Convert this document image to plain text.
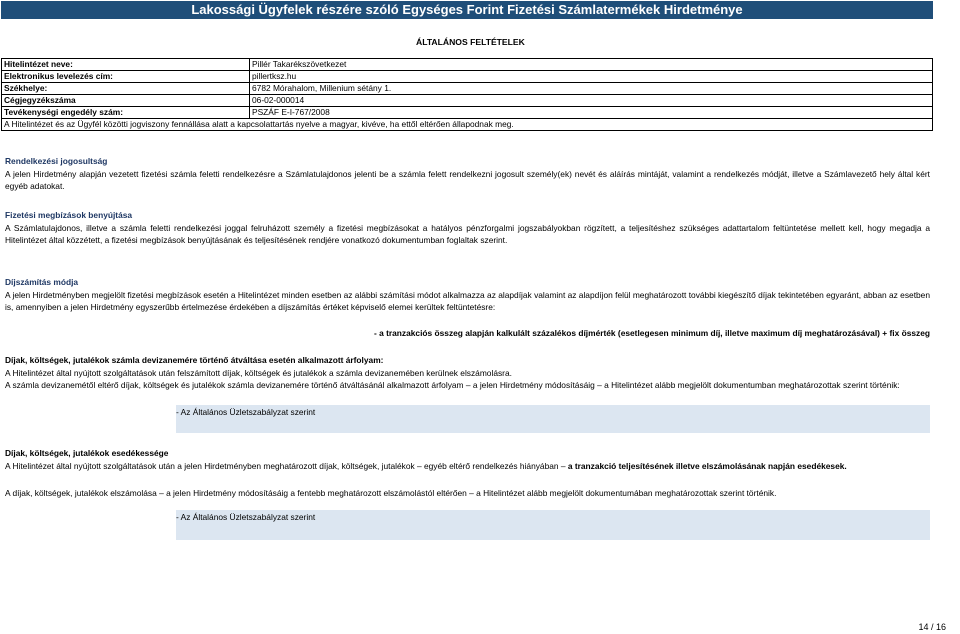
Lakossági Ügyfelek részére szóló Egységes Forint Fizetési Számlatermékek Hirdetménye
ÁLTALÁNOS FELTÉTELEK
Hitelintézet neve:	Pillér Takarékszövetkezet
Elektronikus levelezés cím:	pillertksz.hu
Székhelye:	6782 Mórahalom, Millenium sétány 1.
Cégjegyzékszáma	06-02-000014
Tevékenységi engedély szám:	PSZÁF E-I-767/2008
A Hitelintézet és az Ügyfél közötti jogviszony fennállása alatt a kapcsolattartás nyelve a magyar, kivéve, ha ettől eltérően állapodnak meg.	
Rendelkezési jogosultság
A jelen Hirdetmény alapján vezetett fizetési számla feletti rendelkezésre a Számlatulajdonos jelenti be a számla felett rendelkezni jogosult személy(ek) nevét és aláírás mintáját, valamint a rendelkezés módját, illetve a Számlavezető hely által kért egyéb adatokat.
Fizetési megbízások benyújtása
A Számlatulajdonos, illetve a számla feletti rendelkezési joggal felruházott személy a fizetési megbízásokat a hatályos pénzforgalmi jogszabályokban rögzített, a teljesítéshez szükséges adattartalom feltüntetése mellett kell, hogy megadja a Hitelintézet által közzétett, a fizetési megbízások benyújtásának és teljesítésének rendjére vonatkozó dokumentumban foglaltak szerint.
Díjszámítás módja
A jelen Hirdetményben megjelölt fizetési megbízások esetén a Hitelintézet minden esetben az alábbi számítási módot alkalmazza az alapdíjak valamint az alapdíjon felül meghatározott további kiegészítő díjak tekintetében egyaránt, abban az esetben is, amennyiben a jelen Hirdetmény egyszerűbb értelmezése érdekében a díjszámítás értéket képviselő elemei kerültek feltüntetésre:
- a tranzakciós összeg alapján kalkulált százalékos díjmérték (esetlegesen minimum díj, illetve maximum díj meghatározásával) + fix összeg
Díjak, költségek, jutalékok számla devizanemére történő átváltása esetén alkalmazott árfolyam:
A Hitelintézet által nyújtott szolgáltatások után felszámított díjak, költségek és jutalékok a számla devizanemében kerülnek elszámolásra.
A számla devizanemétől eltérő díjak, költségek és jutalékok számla devizanemére történő átváltásánál alkalmazott árfolyam – a jelen Hirdetmény módosításáig – a Hitelintézet alább megjelölt dokumentumban meghatározottak szerint történik:
- Az Általános Üzletszabályzat szerint
Díjak, költségek, jutalékok esedékessége
A Hitelintézet által nyújtott szolgáltatások után a jelen Hirdetményben meghatározott díjak, költségek, jutalékok – egyéb eltérő rendelkezés hiányában – a tranzakció teljesítésének illetve elszámolásának napján esedékesek.
A díjak, költségek, jutalékok elszámolása – a jelen Hirdetmény módosításáig a fentebb meghatározott elszámolástól eltérően – a Hitelintézet alább megjelölt dokumentumában meghatározottak szerint történik.
- Az Általános Üzletszabályzat szerint
14 / 16
